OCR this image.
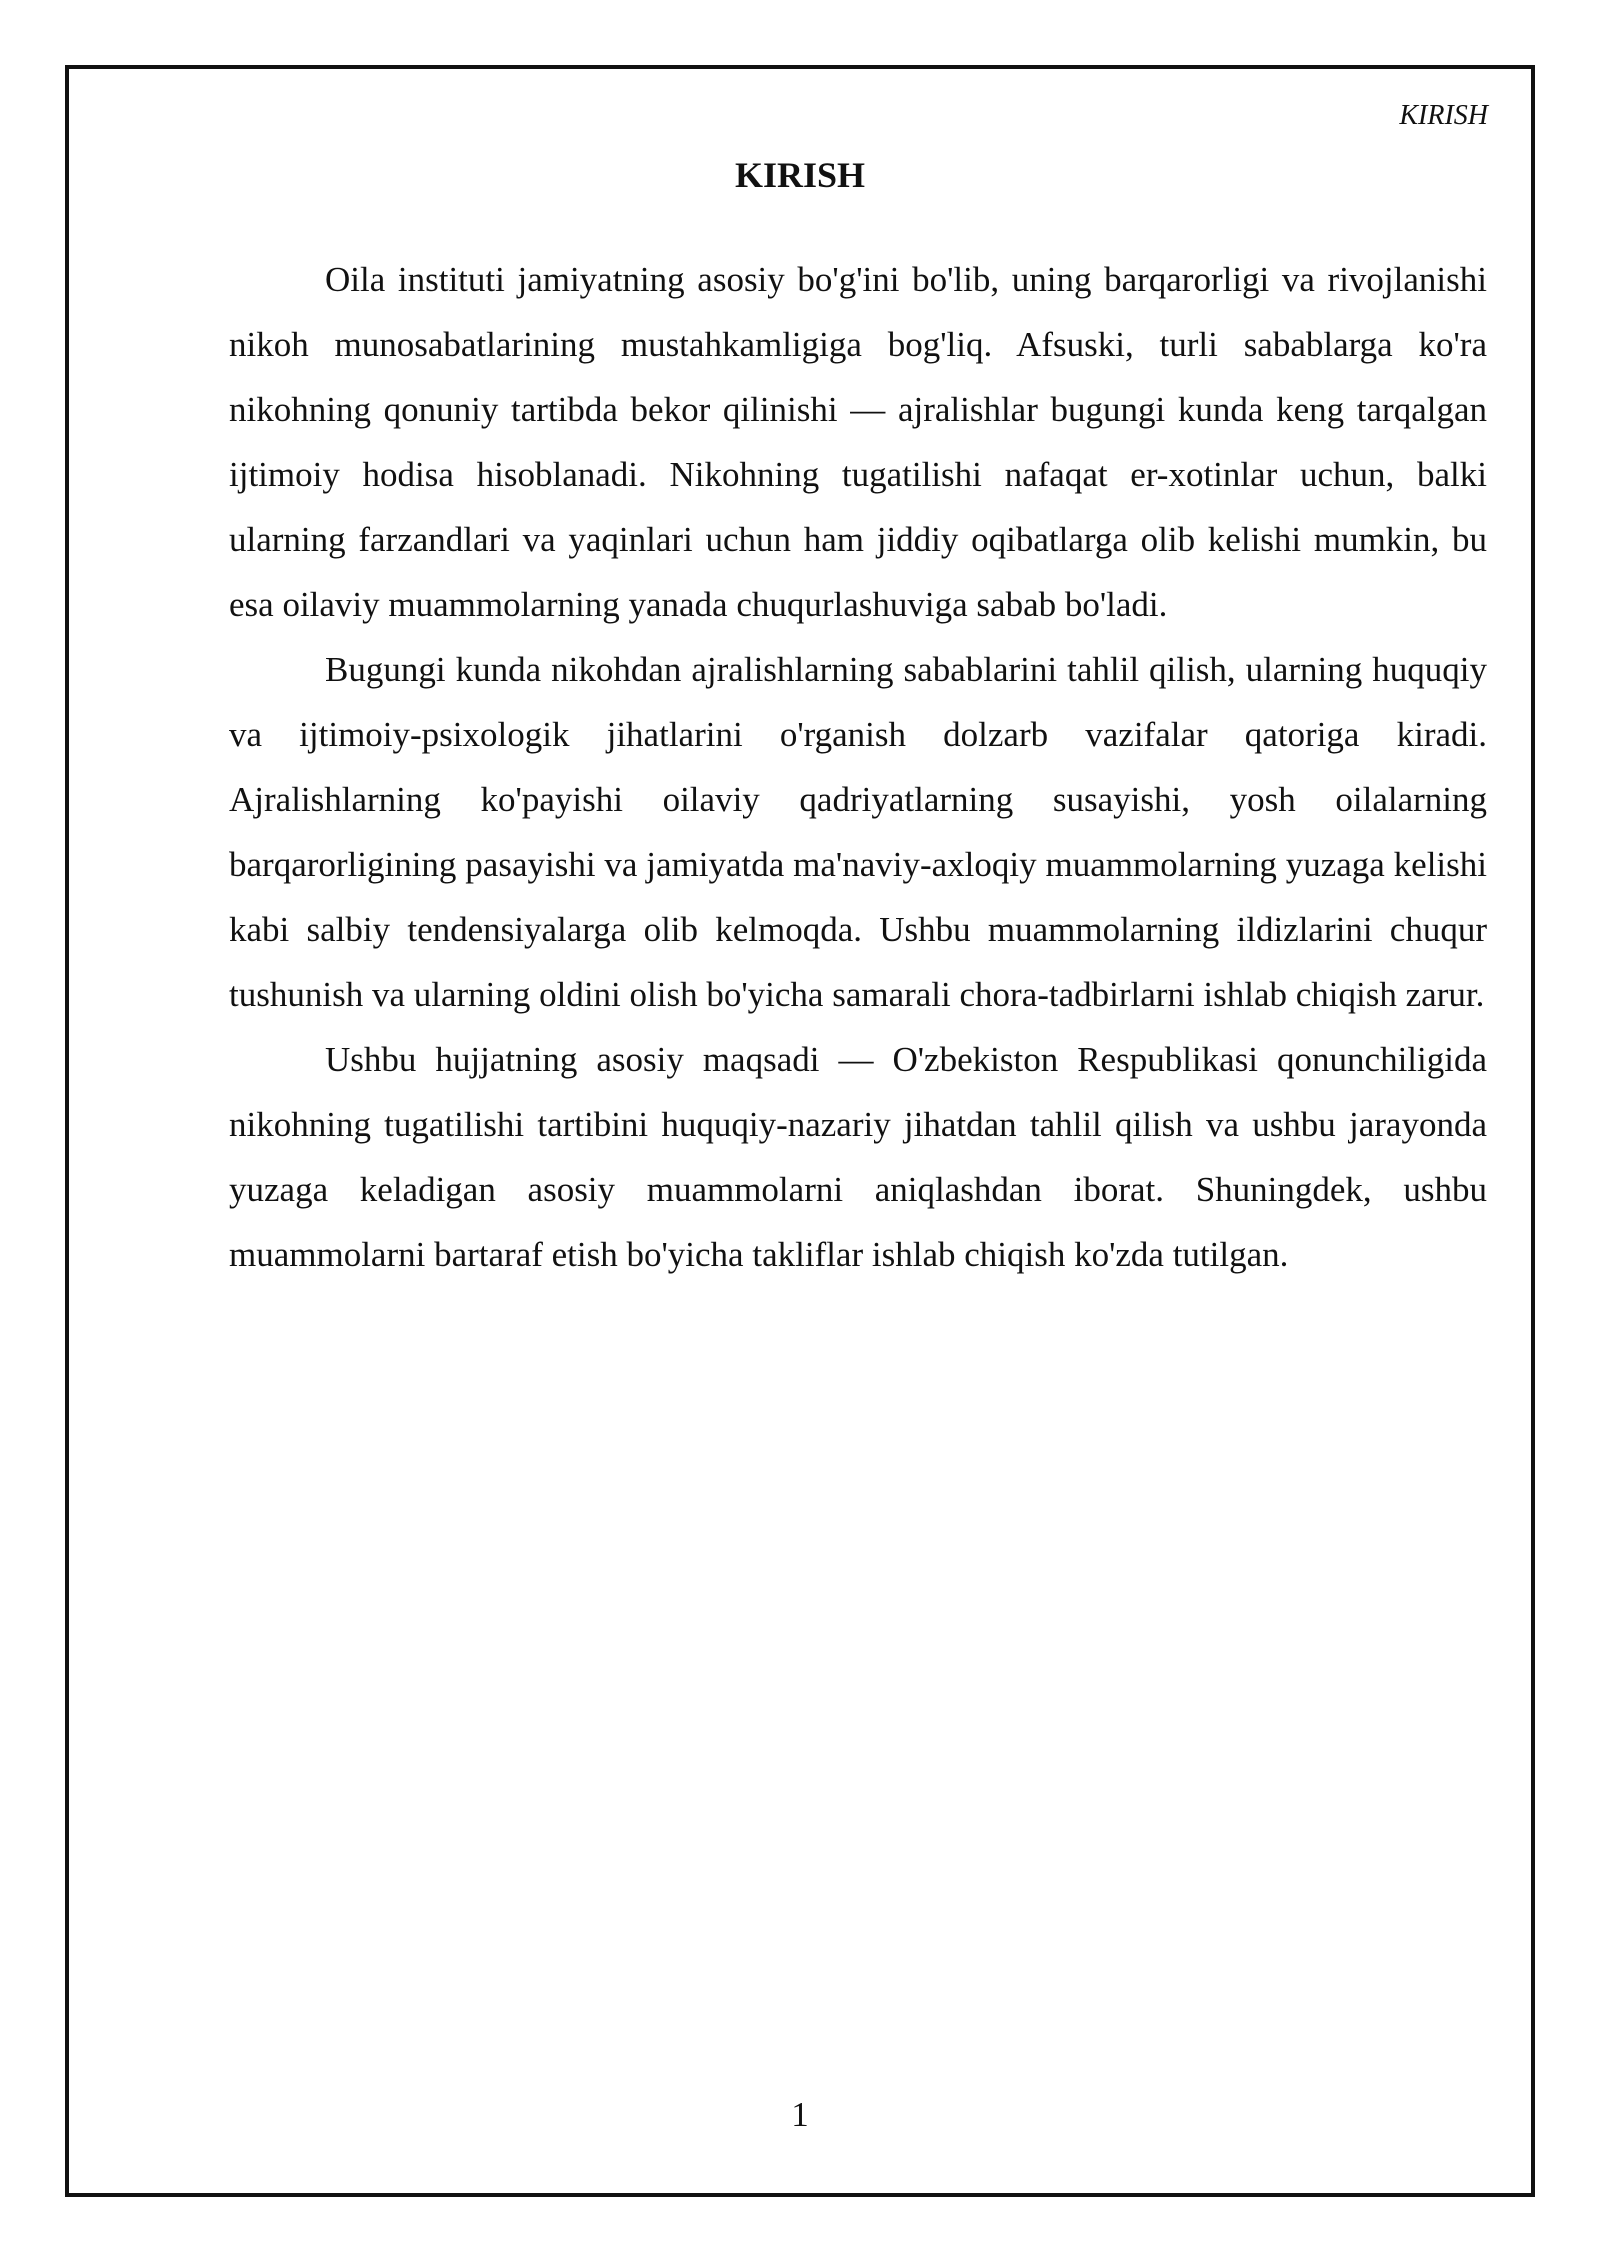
KIRISH
KIRISH

Oila instituti jamiyatning asosiy bo'g'ini bo'lib, uning barqarorligi va rivojlanishi nikoh munosabatlarining mustahkamligiga bog'liq. Afsuski, turli sabablarga ko'ra nikohning qonuniy tartibda bekor qilinishi — ajralishlar bugungi kunda keng tarqalgan ijtimoiy hodisa hisoblanadi. Nikohning tugatilishi nafaqat er-xotinlar uchun, balki ularning farzandlari va yaqinlari uchun ham jiddiy oqibatlarga olib kelishi mumkin, bu esa oilaviy muammolarning yanada chuqurlashuviga sabab bo'ladi.

Bugungi kunda nikohdan ajralishlarning sabablarini tahlil qilish, ularning huquqiy va ijtimoiy-psixologik jihatlarini o'rganish dolzarb vazifalar qatoriga kiradi. Ajralishlarning ko'payishi oilaviy qadriyatlarning susayishi, yosh oilalarning barqarorligining pasayishi va jamiyatda ma'naviy-axloqiy muammolarning yuzaga kelishi kabi salbiy tendensiyalarga olib kelmoqda. Ushbu muammolarning ildizlarini chuqur tushunish va ularning oldini olish bo'yicha samarali chora-tadbirlarni ishlab chiqish zarur.

Ushbu hujjatning asosiy maqsadi — O'zbekiston Respublikasi qonunchiligida nikohning tugatilishi tartibini huquqiy-nazariy jihatdan tahlil qilish va ushbu jarayonda yuzaga keladigan asosiy muammolarni aniqlashdan iborat. Shuningdek, ushbu muammolarni bartaraf etish bo'yicha takliflar ishlab chiqish ko'zda tutilgan.

1
